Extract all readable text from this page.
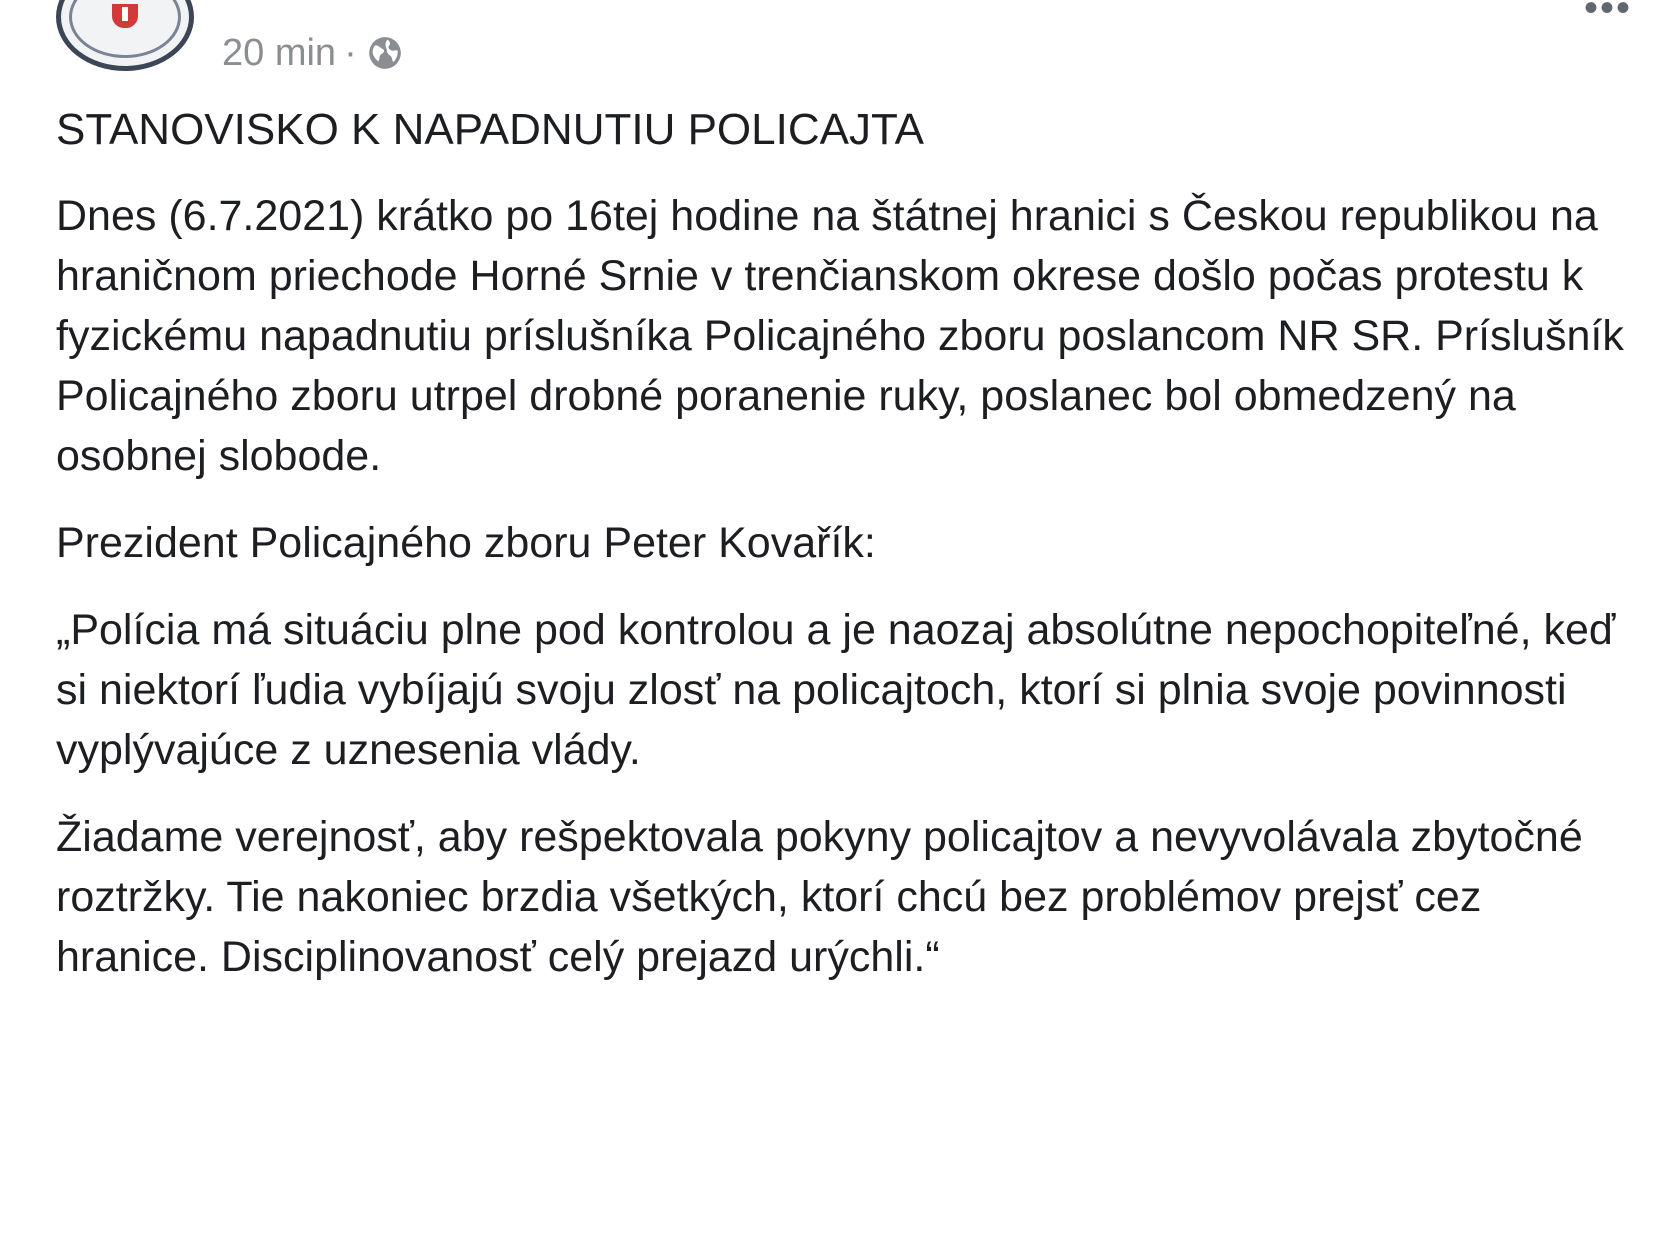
20 min ·
•••

STANOVISKO K NAPADNUTIU POLICAJTA

Dnes (6.7.2021) krátko po 16tej hodine na štátnej hranici s Českou republikou na hraničnom priechode Horné Srnie v trenčianskom okrese došlo počas protestu k fyzickému napadnutiu príslušníka Policajného zboru poslancom NR SR. Príslušník Policajného zboru utrpel drobné poranenie ruky, poslanec bol obmedzený na osobnej slobode.

Prezident Policajného zboru Peter Kovařík:

„Polícia má situáciu plne pod kontrolou a je naozaj absolútne nepochopiteľné, keď si niektorí ľudia vybíjajú svoju zlosť na policajtoch, ktorí si plnia svoje povinnosti vyplývajúce z uznesenia vlády.

Žiadame verejnosť, aby rešpektovala pokyny policajtov a nevyvolávala zbytočné roztržky. Tie nakoniec brzdia všetkých, ktorí chcú bez problémov prejsť cez hranice. Disciplinovanosť celý prejazd urýchli.“
